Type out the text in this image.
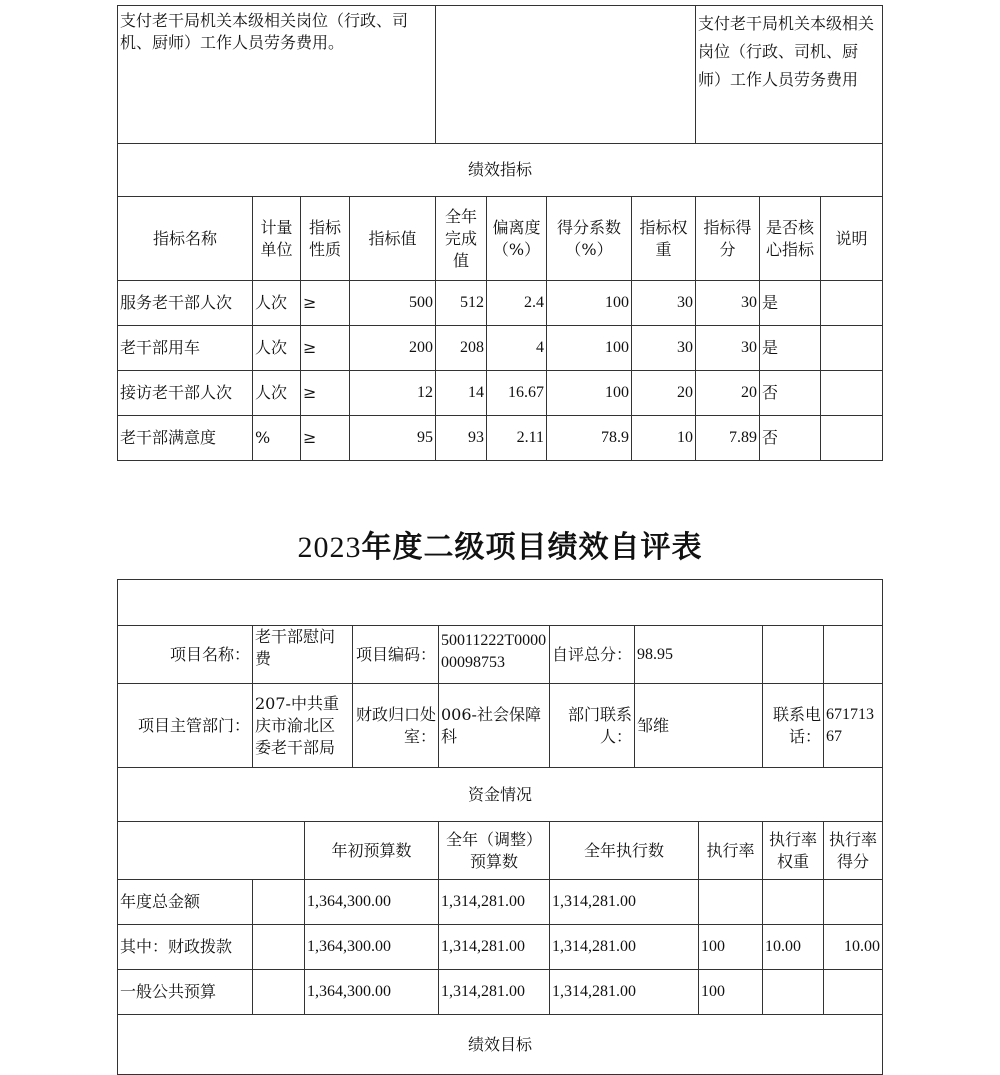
支付老干局机关本级相关岗位（行政、司机、厨师）工作人员劳务费用。								支付老干局机关本级相关岗位（行政、司机、厨师）工作人员劳务费用		
绩效指标										
指标名称	计量单位	指标性质	指标值	全年完成值	偏离度（%）	得分系数（%）	指标权重	指标得分	是否核心指标	说明
服务老干部人次	人次	≥	500	512	2.4	100	30	30	是	
老干部用车	人次	≥	200	208	4	100	30	30	是	
接访老干部人次	人次	≥	12	14	16.67	100	20	20	否	
老干部满意度	%	≥	95	93	2.11	78.9	10	7.89	否	
2023年度二级项目绩效自评表

项目名称：	老干部慰问费		项目编码：	50011222T000000098753	自评总分：	98.95			
项目主管部门：	207-中共重庆市渝北区委老干部局		财政归口处室：	006-社会保障科	部门联系人：	邹维		联系电话：	67171367
资金情况									
		年初预算数		全年（调整）预算数	全年执行数		执行率	执行率权重	执行率得分
年度总金额		1,364,300.00		1,314,281.00	1,314,281.00				
其中：财政拨款		1,364,300.00		1,314,281.00	1,314,281.00		100	10.00	10.00
一般公共预算		1,364,300.00		1,314,281.00	1,314,281.00		100		
绩效目标									
